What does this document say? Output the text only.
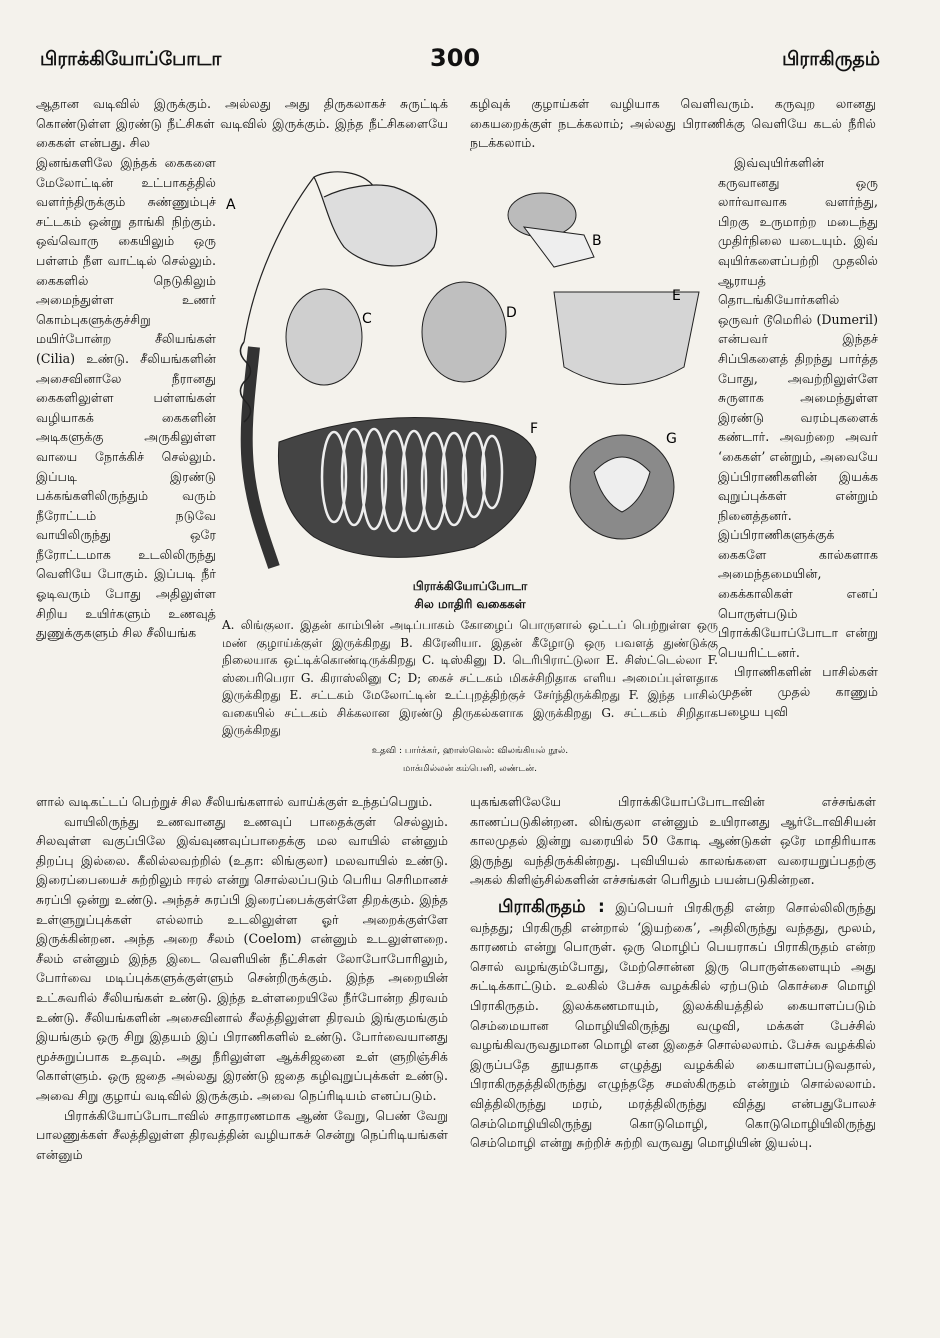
பிராக்கியோப்போடா	300	பிராகிருதம்

ஆதான வடிவில் இருக்கும். அல்லது அது திருகலாகச் சுருட்டிக் கொண்டுள்ள இரண்டு நீட்சிகள் வடிவில் இருக்கும். இந்த நீட்சிகளையே கைகள் என்பது. சில

கழிவுக் குழாய்கள் வழியாக வெளிவரும். கருவுற லானது கையறைக்குள் நடக்கலாம்; அல்லது பிராணிக்கு வெளியே கடல் நீரில் நடக்கலாம்.

இனங்களிலே இந்தக் கைகளை மேலோட்டின் உட்பாகத்தில் வளர்ந்திருக்கும் சுண்ணும்புச் சட்டகம் ஒன்று தாங்கி நிற்கும். ஒவ்வொரு கையிலும் ஒரு பள்ளம் நீள வாட்டில் செல்லும். கைகளில் நெடுகிலும் அமைந்துள்ள உணர் கொம்புகளுக்குச்சிறு மயிர்போன்ற சீலியங்கள் (Cilia) உண்டு. சீலியங்களின் அசைவினாலே நீரானது கைகளிலுள்ள பள்ளங்கள் வழியாகக் கைகளின் அடிகளுக்கு அருகிலுள்ள வாயை நோக்கிச் செல்லும். இப்படி இரண்டு பக்கங்களிலிருந்தும் வரும் நீரோட்டம் நடுவே வாயிலிருந்து ஒரே நீரோட்டமாக உடலிலிருந்து வெளியே போகும். இப்படி நீர் ஓடிவரும் போது அதிலுள்ள சிறிய உயிர்களும் உணவுத் துணுக்குகளும் சில சீலியங்க

இவ்வுயிர்களின் கருவானது ஒரு லார்வாவாக வளர்ந்து, பிறகு உருமாற்ற மடைந்து முதிர்நிலை யடையும். இவ் வுயிர்களைப்பற்றி முதலில் ஆராயத் தொடங்கியோர்களில் ஒருவர் டூமெரில் (Dumeril) என்பவர் இந்தச் சிப்பிகளைத் திறந்து பார்த்த போது, அவற்றிலுள்ளே சுருளாக அமைந்துள்ள இரண்டு வரம்புகளைக் கண்டார். அவற்றை அவர் ‘கைகள்’ என்றும், அவையே இப்பிராணிகளின் இயக்க வுறுப்புக்கள் என்றும் நினைத்தனர். இப்பிராணிகளுக்குக் கைகளே கால்களாக அமைந்தமையின், கைக்காலிகள் எனப் பொருள்படும் பிராக்கியோப்போடா என்று பெயரிட்டனர்.

பிராணிகளின் பாசில்கள் முதன் முதல் காணும் பழைய புவி

A
B
C	D
E
F
G
பிராக்கியோப்போடா
சில மாதிரி வகைகள்
A. லிங்குலா. இதன் காம்பின் அடிப்பாகம் கோழைப் பொருளால் ஒட்டப் பெற்றுள்ள ஒரு மண் குழாய்க்குள் இருக்கிறது B. கிரேனியா. இதன் கீழோடு ஒரு பவளத் துண்டுக்கு நிலையாக ஒட்டிக்கொண்டிருக்கிறது C. டிஸ்கினு D. டெரிபிராட்டுலா E. சிஸ்ட்டெல்லா F. ஸ்பைரிபெரா G. கிராஸ்லினு C; D; கைச் சட்டகம் மிகச்சிறிதாக எளிய அமைப்புள்ளதாக இருக்கிறது E. சட்டகம் மேலோட்டின் உட்புறத்திற்குச் சேர்ந்திருக்கிறது F. இந்த பாசில் வகையில் சட்டகம் சிக்கலான இரண்டு திருகல்களாக இருக்கிறது G. சட்டகம் சிறிதாக இருக்கிறது
உதவி : பார்க்கர், ஹாஸ்வெல்: விலங்கியல் நூல்.
மாக்மில்லன் கம்பெனி, லண்டன்.

ளால் வடிகட்டப் பெற்றுச் சில சீலியங்களால் வாய்க்குள் உந்தப்பெறும்.

வாயிலிருந்து உணவானது உணவுப் பாதைக்குள் செல்லும். சிலவுள்ள வகுப்பிலே இவ்வுணவுப்பாதைக்கு மல வாயில் என்னும் திறப்பு இல்லை. கீலில்லவற்றில் (உதா: லிங்குலா) மலவாயில் உண்டு. இரைப்பையைச் சுற்றிலும் ஈரல் என்று சொல்லப்படும் பெரிய செரிமானச் சுரப்பி ஒன்று உண்டு. அந்தச் சுரப்பி இரைப்பைக்குள்ளே திறக்கும். இந்த உள்ளுறுப்புக்கள் எல்லாம் உடலிலுள்ள ஓர் அறைக்குள்ளே இருக்கின்றன. அந்த அறை சீலம் (Coelom) என்னும் உடலுள்ளறை. சீலம் என்னும் இந்த இடை வெளியின் நீட்சிகள் லோபோபோரிலும், போர்வை மடிப்புக்களுக்குள்ளும் சென்றிருக்கும். இந்த அறையின் உட்சுவரில் சீலியங்கள் உண்டு. இந்த உள்ளறையிலே நீர்போன்ற திரவம் உண்டு. சீலியங்களின் அசைவினால் சீலத்திலுள்ள திரவம் இங்குமங்கும் இயங்கும் ஒரு சிறு இதயம் இப் பிராணிகளில் உண்டு. போர்வையானது மூச்சுறுப்பாக உதவும். அது நீரிலுள்ள ஆக்சிஜனை உள் ளுறிஞ்சிக் கொள்ளும். ஒரு ஜதை அல்லது இரண்டு ஜதை கழிவுறுப்புக்கள் உண்டு. அவை சிறு குழாய் வடிவில் இருக்கும். அவை நெப்ரிடியம் எனப்படும்.

பிராக்கியோப்போடாவில் சாதாரணமாக ஆண் வேறு, பெண் வேறு பாலணுக்கள் சீலத்திலுள்ள திரவத்தின் வழியாகச் சென்று நெப்ரிடியங்கள் என்னும்

யுகங்களிலேயே பிராக்கியோப்போடாவின் எச்சங்கள் காணப்படுகின்றன. லிங்குலா என்னும் உயிரானது ஆர்டோவிசியன் காலமுதல் இன்று வரையில் 50 கோடி ஆண்டுகள் ஒரே மாதிரியாக இருந்து வந்திருக்கின்றது. புவியியல் காலங்களை வரையறுப்பதற்கு அகல் கிளிஞ்சில்களின் எச்சங்கள் பெரிதும் பயன்படுகின்றன.

பிராகிருதம் : இப்பெயர் பிரகிருதி என்ற சொல்லிலிருந்து வந்தது; பிரகிருதி என்றால் ‘இயற்கை’, அதிலிருந்து வந்தது, மூலம், காரணம் என்று பொருள். ஒரு மொழிப் பெயராகப் பிராகிருதம் என்ற சொல் வழங்கும்போது, மேற்சொன்ன இரு பொருள்களையும் அது சுட்டிக்காட்டும். உலகில் பேச்சு வழக்கில் ஏற்படும் கொச்சை மொழி பிராகிருதம். இலக்கணமாயும், இலக்கியத்தில் கையாளப்படும் செம்மையான மொழியிலிருந்து வழுவி, மக்கள் பேச்சில் வழங்கிவருவதுமான மொழி என இதைச் சொல்லலாம். பேச்சு வழக்கில் இருப்பதே தூயதாக எழுத்து வழக்கில் கையாளப்படுவதால், பிராகிருதத்திலிருந்து எழுந்ததே சமஸ்கிருதம் என்றும் சொல்லலாம். வித்திலிருந்து மரம், மரத்திலிருந்து வித்து என்பதுபோலச் செம்மொழியிலிருந்து கொடுமொழி, கொடுமொழியிலிருந்து செம்மொழி என்று சுற்றிச் சுற்றி வருவது மொழியின் இயல்பு.
